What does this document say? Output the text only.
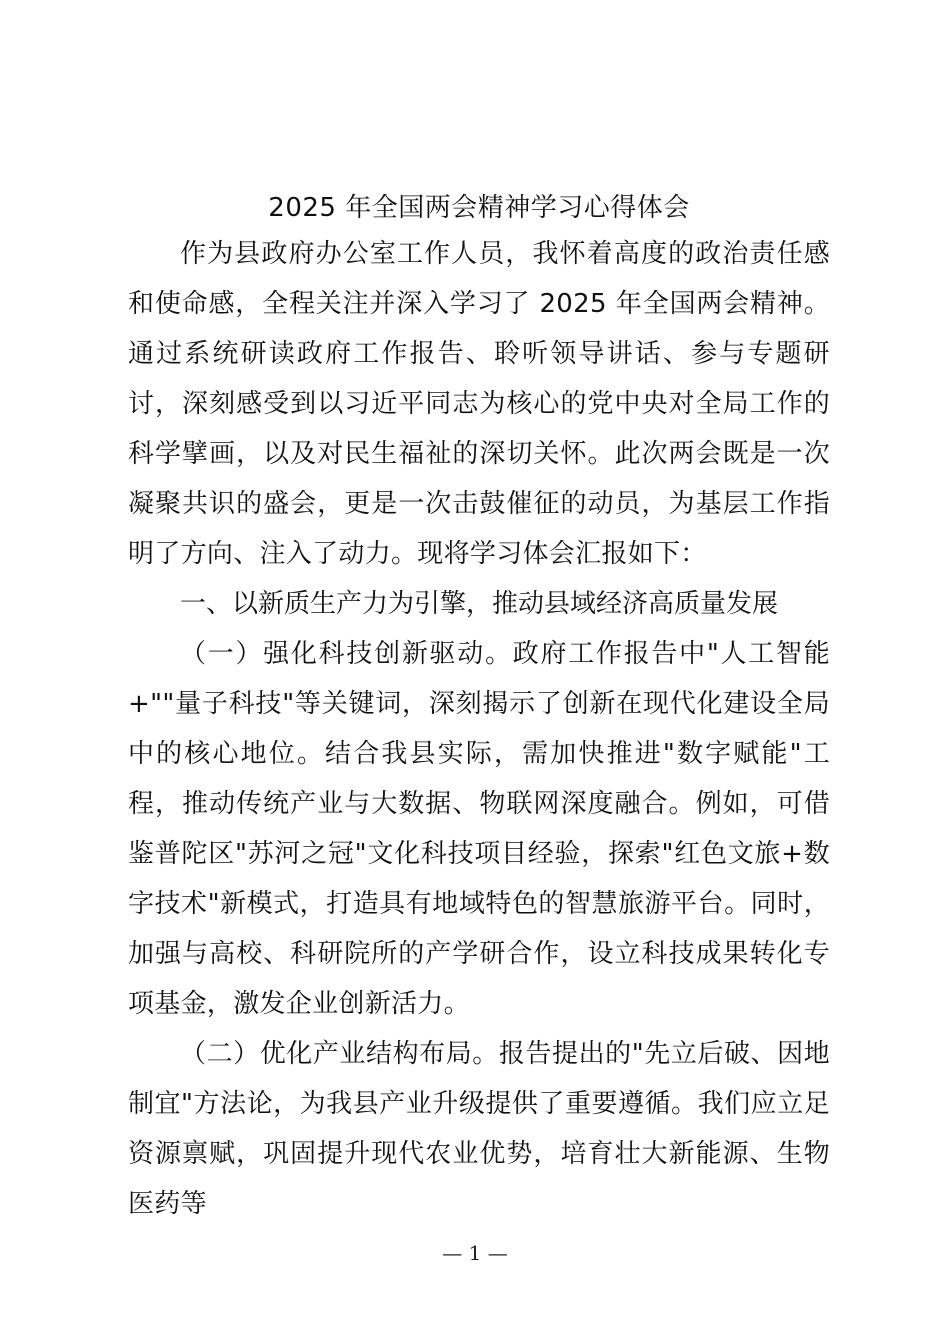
2025 年全国两会精神学习心得体会

作为县政府办公室工作人员，我怀着高度的政治责任感和使命感，全程关注并深入学习了 2025 年全国两会精神。通过系统研读政府工作报告、聆听领导讲话、参与专题研讨，深刻感受到以习近平同志为核心的党中央对全局工作的科学擘画，以及对民生福祉的深切关怀。此次两会既是一次凝聚共识的盛会，更是一次击鼓催征的动员，为基层工作指明了方向、注入了动力。现将学习体会汇报如下：

一、以新质生产力为引擎，推动县域经济高质量发展

（一）强化科技创新驱动。政府工作报告中"人工智能+""量子科技"等关键词，深刻揭示了创新在现代化建设全局中的核心地位。结合我县实际，需加快推进"数字赋能"工程，推动传统产业与大数据、物联网深度融合。例如，可借鉴普陀区"苏河之冠"文化科技项目经验，探索"红色文旅+数字技术"新模式，打造具有地域特色的智慧旅游平台。同时，加强与高校、科研院所的产学研合作，设立科技成果转化专项基金，激发企业创新活力。

（二）优化产业结构布局。报告提出的"先立后破、因地制宜"方法论，为我县产业升级提供了重要遵循。我们应立足资源禀赋，巩固提升现代农业优势，培育壮大新能源、生物医药等

— 1 —
